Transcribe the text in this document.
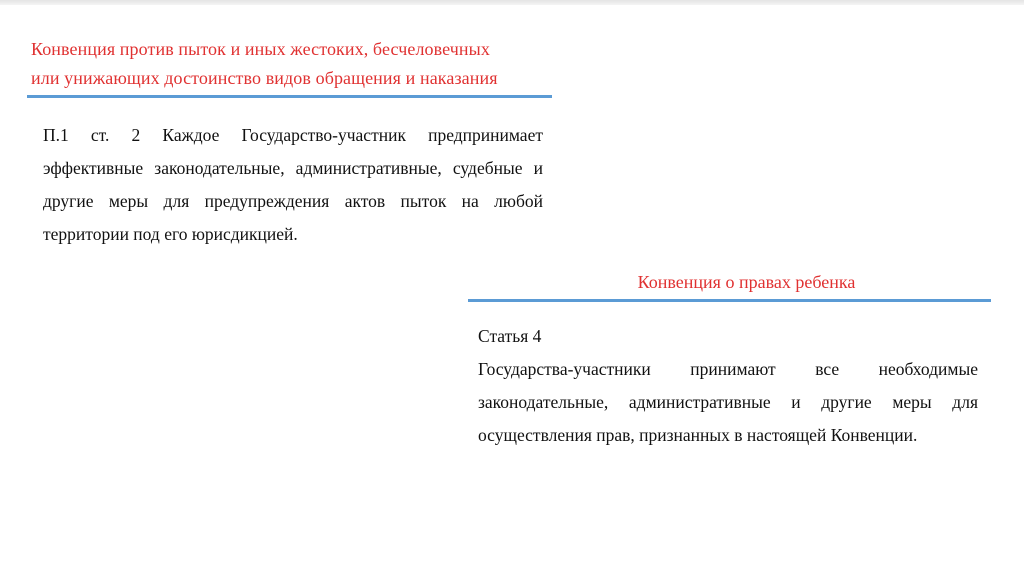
Конвенция против пыток и иных жестоких, бесчеловечных
или унижающих достоинство видов обращения и наказания

П.1 ст. 2 Каждое Государство-участник предпринимает эффективные законодательные, административные, судебные и другие меры для предупреждения актов пыток на любой территории под его юрисдикцией.

Конвенция о правах ребенка

Статья 4
Государства-участники принимают все необходимые законодательные, административные и другие меры для осуществления прав, признанных в настоящей Конвенции.
